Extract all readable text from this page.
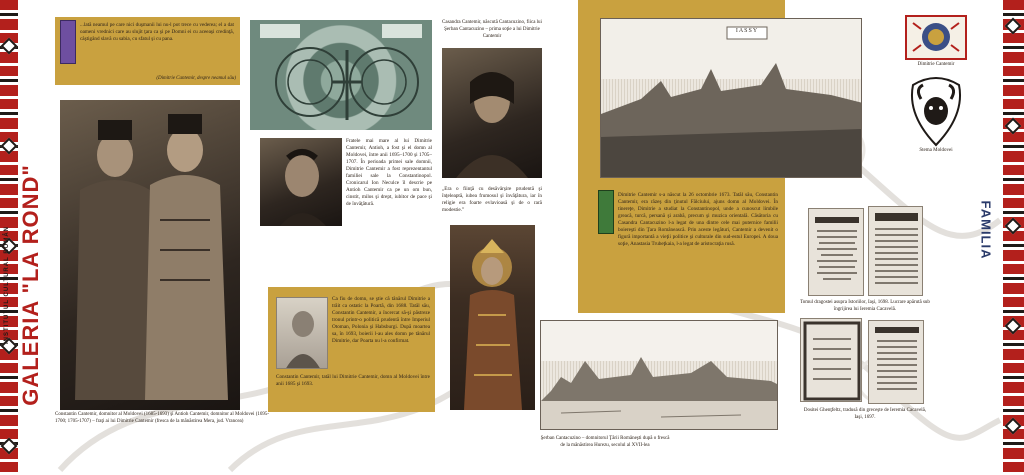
GALERIA "LA ROND"
INSTITUTUL CULTURAL ROMÂN	FAMILIA
...lată neamul pe care nici duşmanii lui nu-l pot trece cu vederea; el a dat oameni vrednici care au slujit ţara ca şi pe Domni ei cu aceeaşi credinţă, câştigând slavă cu sabia, cu sfatul şi cu pana.
(Dimitrie Cantemir, despre neamul său)
Constantin Cantemir, domnitor al Moldovei (1685-1693) şi Antioh Cantemir, domnitor al Moldovei (1695-1700; 1705-1707) – fraţi ai lui Dimitrie Cantemir (fresca de la mănăstirea Mera, jud. Vrancea)
Fratele mai mare al lui Dimitrie Cantemir, Antioh, a fost şi el domn al Moldovei, între anii 1695–1700 şi 1705–1707. În perioada primei sale domnii, Dimitrie Cantemir a fost reprezentantul familiei sale la Constantinopol. Cronicarul Ion Neculce îl descrie pe Antioh Cantemir ca pe un om bun, cinstit, milos şi drept, iubitor de pace şi de învăţătură.
Ca fiu de domn, se ştie că tânărul Dimitrie a trăit ca ostatic la Poartă, din 1688. Tatăl său, Constantin Cantemir, a încercat să-şi păstreze tronul printr-o politică prudentă între Imperiul Otoman, Polonia şi Habsburgi. După moartea sa, în 1693, boierii l-au ales domn pe tânărul Dimitrie, dar Poarta nu l-a confirmat.
Constantin Cantemir, tatăl lui Dimitrie Cantemir, domn al Moldovei între anii 1685 şi 1693.
Casandra Cantemir, născută Cantacuzino, fiica lui Şerban Cantacuzino – prima soţie a lui Dimitrie Cantemir
„Era o fiinţă cu desăvârşire prudentă şi înţeleaptă, iubea frumosul şi învăţătura, iar în religie era foarte evlavioasă şi de o rară modestie.”
Şerban Cantacuzino – domnitorul Ţării Româneşti după o frescă de la mănăstirea Hurezu, secolul al XVII-lea
IASSY
Dimitrie Cantemir s-a născut la 26 octombrie 1673. Tatăl său, Constantin Cantemir, era răzeş din ţinutul Fălciului, ajuns domn al Moldovei. În tinereţe, Dimitrie a studiat la Constantinopol, unde a cunoscut limbile greacă, turcă, persană şi arabă, precum şi muzica orientală. Căsătoria cu Casandra Cantacuzino l-a legat de una dintre cele mai puternice familii boiereşti din Ţara Românească. Prin aceste legături, Cantemir a devenit o figură importantă a vieţii politice şi culturale din sud-estul Europei. A doua soţie, Anastasia Trubeţkaia, l-a legat de aristocraţia rusă.
Dimitrie Cantemir
Stema Moldovei
Tomul dragostei asupra Istoriilor, Iaşi, 1698. Lucrare apărută sub îngrijirea lui Ieremia Cacavelă.
Dositei Ghenţfeltz, tradusă din greceşte de Ieremia Cacavelă, Iaşi, 1697.
